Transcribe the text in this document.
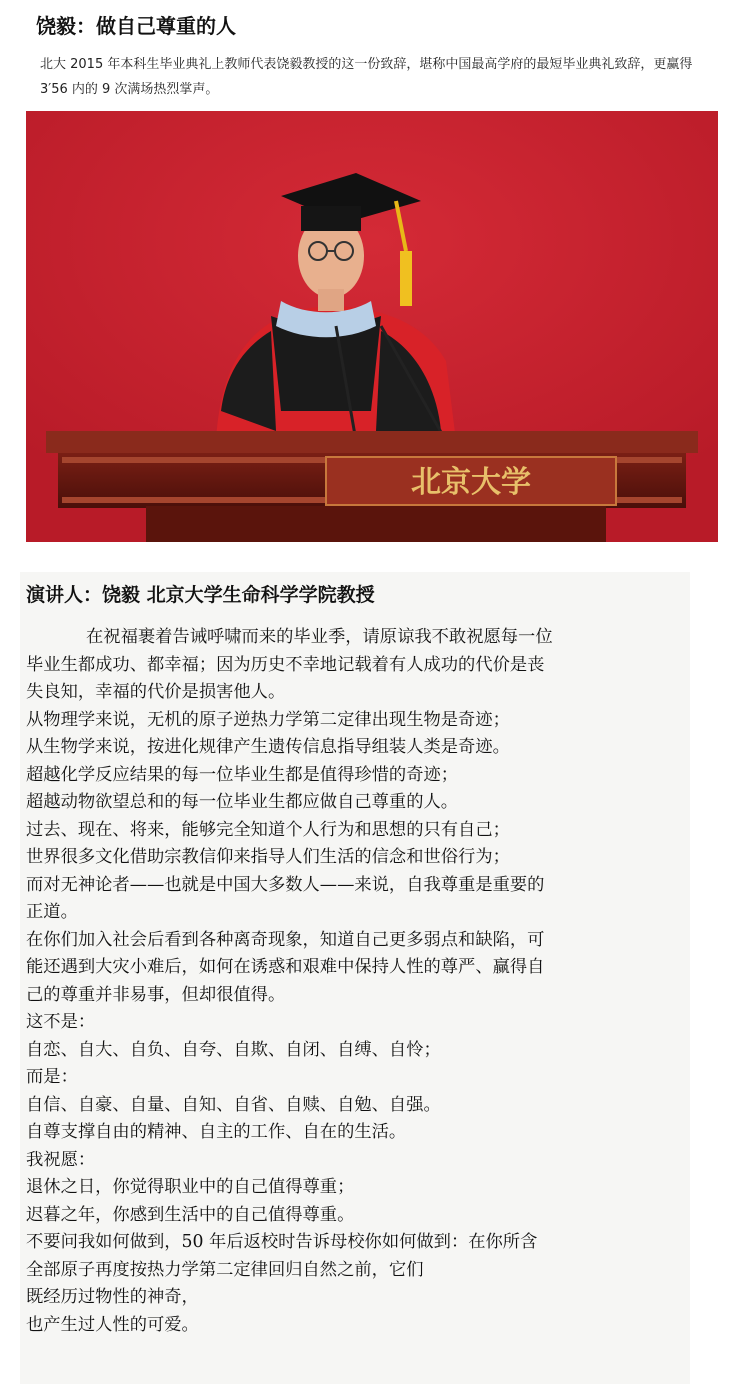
饶毅：做自己尊重的人
北大 2015 年本科生毕业典礼上教师代表饶毅教授的这一份致辞，堪称中国最高学府的最短毕业典礼致辞，更赢得 3′56 内的 9 次满场热烈掌声。
北京大学
演讲人：饶毅 北京大学生命科学学院教授
在祝福裹着告诫呼啸而来的毕业季，请原谅我不敢祝愿每一位
毕业生都成功、都幸福；因为历史不幸地记载着有人成功的代价是丧
失良知，幸福的代价是损害他人。
从物理学来说，无机的原子逆热力学第二定律出现生物是奇迹；
从生物学来说，按进化规律产生遗传信息指导组装人类是奇迹。
超越化学反应结果的每一位毕业生都是值得珍惜的奇迹；
超越动物欲望总和的每一位毕业生都应做自己尊重的人。
过去、现在、将来，能够完全知道个人行为和思想的只有自己；
世界很多文化借助宗教信仰来指导人们生活的信念和世俗行为；
而对无神论者——也就是中国大多数人——来说，自我尊重是重要的
正道。
在你们加入社会后看到各种离奇现象，知道自己更多弱点和缺陷，可
能还遇到大灾小难后，如何在诱惑和艰难中保持人性的尊严、赢得自
己的尊重并非易事，但却很值得。
这不是：
自恋、自大、自负、自夸、自欺、自闭、自缚、自怜；
而是：
自信、自豪、自量、自知、自省、自赎、自勉、自强。
自尊支撑自由的精神、自主的工作、自在的生活。
我祝愿：
退休之日，你觉得职业中的自己值得尊重；
迟暮之年，你感到生活中的自己值得尊重。
不要问我如何做到，50 年后返校时告诉母校你如何做到：在你所含
全部原子再度按热力学第二定律回归自然之前，它们
既经历过物性的神奇，
也产生过人性的可爱。
